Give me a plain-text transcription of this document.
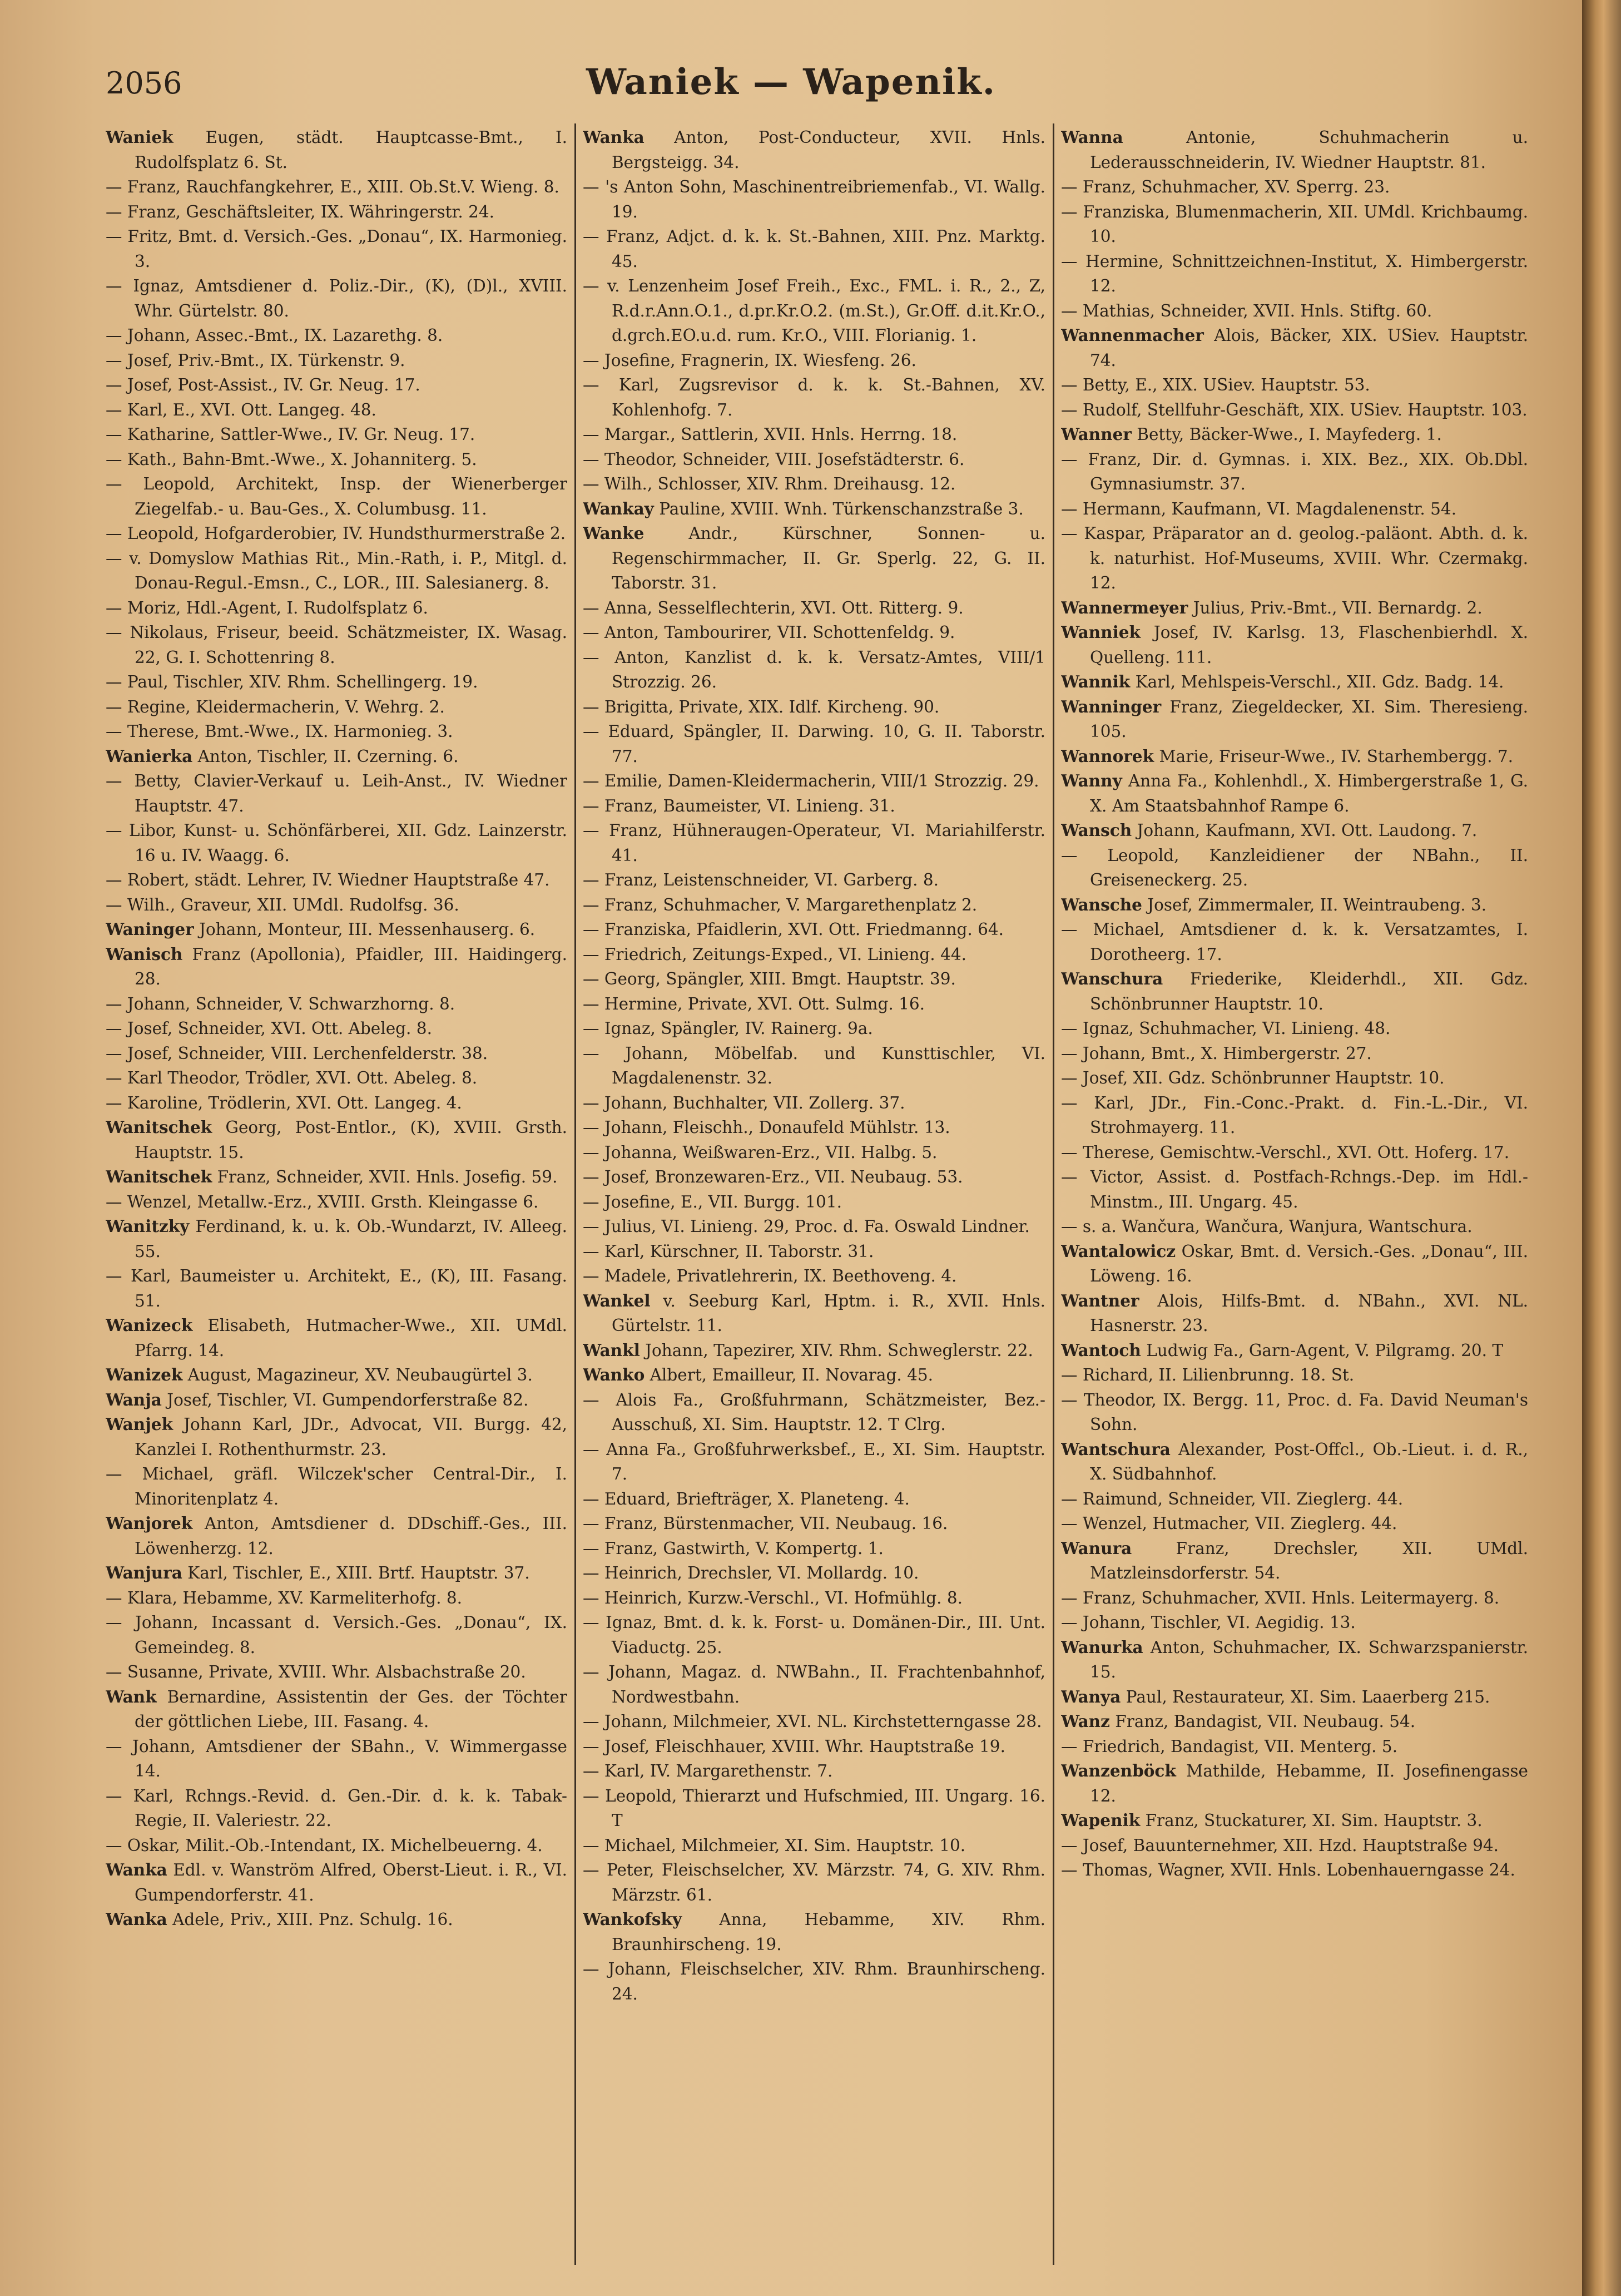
2056	Waniek — Wapenik.
Waniek Eugen, städt. Hauptcasse-Bmt., I. Rudolfsplatz 6. St.
— Franz, Rauchfangkehrer, E., XIII. Ob.St.V. Wieng. 8.
— Franz, Geschäftsleiter, IX. Währingerstr. 24.
— Fritz, Bmt. d. Versich.-Ges. „Donau“, IX. Harmonieg. 3.
— Ignaz, Amtsdiener d. Poliz.-Dir., (K), (D)l., XVIII. Whr. Gürtelstr. 80.
— Johann, Assec.-Bmt., IX. Lazarethg. 8.
— Josef, Priv.-Bmt., IX. Türkenstr. 9.
— Josef, Post-Assist., IV. Gr. Neug. 17.
— Karl, E., XVI. Ott. Langeg. 48.
— Katharine, Sattler-Wwe., IV. Gr. Neug. 17.
— Kath., Bahn-Bmt.-Wwe., X. Johanniterg. 5.
— Leopold, Architekt, Insp. der Wienerberger Ziegelfab.- u. Bau-Ges., X. Columbusg. 11.
— Leopold, Hofgarderobier, IV. Hundsthurmerstraße 2.
— v. Domyslow Mathias Rit., Min.-Rath, i. P., Mitgl. d. Donau-Regul.-Emsn., C., LOR., III. Salesianerg. 8.
— Moriz, Hdl.-Agent, I. Rudolfsplatz 6.
— Nikolaus, Friseur, beeid. Schätzmeister, IX. Wasag. 22, G. I. Schottenring 8.
— Paul, Tischler, XIV. Rhm. Schellingerg. 19.
— Regine, Kleidermacherin, V. Wehrg. 2.
— Therese, Bmt.-Wwe., IX. Harmonieg. 3.
Wanierka Anton, Tischler, II. Czerning. 6.
— Betty, Clavier-Verkauf u. Leih-Anst., IV. Wiedner Hauptstr. 47.
— Libor, Kunst- u. Schönfärberei, XII. Gdz. Lainzerstr. 16 u. IV. Waagg. 6.
— Robert, städt. Lehrer, IV. Wiedner Hauptstraße 47.
— Wilh., Graveur, XII. UMdl. Rudolfsg. 36.
Waninger Johann, Monteur, III. Messenhauserg. 6.
Wanisch Franz (Apollonia), Pfaidler, III. Haidingerg. 28.
— Johann, Schneider, V. Schwarzhorng. 8.
— Josef, Schneider, XVI. Ott. Abeleg. 8.
— Josef, Schneider, VIII. Lerchenfelderstr. 38.
— Karl Theodor, Trödler, XVI. Ott. Abeleg. 8.
— Karoline, Trödlerin, XVI. Ott. Langeg. 4.
Wanitschek Georg, Post-Entlor., (K), XVIII. Grsth. Hauptstr. 15.
Wanitschek Franz, Schneider, XVII. Hnls. Josefig. 59.
— Wenzel, Metallw.-Erz., XVIII. Grsth. Kleingasse 6.
Wanitzky Ferdinand, k. u. k. Ob.-Wundarzt, IV. Alleeg. 55.
— Karl, Baumeister u. Architekt, E., (K), III. Fasang. 51.
Wanizeck Elisabeth, Hutmacher-Wwe., XII. UMdl. Pfarrg. 14.
Wanizek August, Magazineur, XV. Neubaugürtel 3.
Wanja Josef, Tischler, VI. Gumpendorferstraße 82.
Wanjek Johann Karl, JDr., Advocat, VII. Burgg. 42, Kanzlei I. Rothenthurmstr. 23.
— Michael, gräfl. Wilczek'scher Central-Dir., I. Minoritenplatz 4.
Wanjorek Anton, Amtsdiener d. DDschiff.-Ges., III. Löwenherzg. 12.
Wanjura Karl, Tischler, E., XIII. Brtf. Hauptstr. 37.
— Klara, Hebamme, XV. Karmeliterhofg. 8.
— Johann, Incassant d. Versich.-Ges. „Donau“, IX. Gemeindeg. 8.
— Susanne, Private, XVIII. Whr. Alsbachstraße 20.
Wank Bernardine, Assistentin der Ges. der Töchter der göttlichen Liebe, III. Fasang. 4.
— Johann, Amtsdiener der SBahn., V. Wimmergasse 14.
— Karl, Rchngs.-Revid. d. Gen.-Dir. d. k. k. Tabak-Regie, II. Valeriestr. 22.
— Oskar, Milit.-Ob.-Intendant, IX. Michelbeuerng. 4.
Wanka Edl. v. Wanström Alfred, Oberst-Lieut. i. R., VI. Gumpendorferstr. 41.
Wanka Adele, Priv., XIII. Pnz. Schulg. 16.
Wanka Anton, Post-Conducteur, XVII. Hnls. Bergsteigg. 34.
— 's Anton Sohn, Maschinentreibriemenfab., VI. Wallg. 19.
— Franz, Adjct. d. k. k. St.-Bahnen, XIII. Pnz. Marktg. 45.
— v. Lenzenheim Josef Freih., Exc., FML. i. R., 2., Z, R.d.r.Ann.O.1., d.pr.Kr.O.2. (m.St.), Gr.Off. d.it.Kr.O., d.grch.EO.u.d. rum. Kr.O., VIII. Florianig. 1.
— Josefine, Fragnerin, IX. Wiesfeng. 26.
— Karl, Zugsrevisor d. k. k. St.-Bahnen, XV. Kohlenhofg. 7.
— Margar., Sattlerin, XVII. Hnls. Herrng. 18.
— Theodor, Schneider, VIII. Josefstädterstr. 6.
— Wilh., Schlosser, XIV. Rhm. Dreihausg. 12.
Wankay Pauline, XVIII. Wnh. Türkenschanzstraße 3.
Wanke Andr., Kürschner, Sonnen- u. Regenschirmmacher, II. Gr. Sperlg. 22, G. II. Taborstr. 31.
— Anna, Sesselflechterin, XVI. Ott. Ritterg. 9.
— Anton, Tambourirer, VII. Schottenfeldg. 9.
— Anton, Kanzlist d. k. k. Versatz-Amtes, VIII/1 Strozzig. 26.
— Brigitta, Private, XIX. Idlf. Kircheng. 90.
— Eduard, Spängler, II. Darwing. 10, G. II. Taborstr. 77.
— Emilie, Damen-Kleidermacherin, VIII/1 Strozzig. 29.
— Franz, Baumeister, VI. Linieng. 31.
— Franz, Hühneraugen-Operateur, VI. Mariahilferstr. 41.
— Franz, Leistenschneider, VI. Garberg. 8.
— Franz, Schuhmacher, V. Margarethenplatz 2.
— Franziska, Pfaidlerin, XVI. Ott. Friedmanng. 64.
— Friedrich, Zeitungs-Exped., VI. Linieng. 44.
— Georg, Spängler, XIII. Bmgt. Hauptstr. 39.
— Hermine, Private, XVI. Ott. Sulmg. 16.
— Ignaz, Spängler, IV. Rainerg. 9a.
— Johann, Möbelfab. und Kunsttischler, VI. Magdalenenstr. 32.
— Johann, Buchhalter, VII. Zollerg. 37.
— Johann, Fleischh., Donaufeld Mühlstr. 13.
— Johanna, Weißwaren-Erz., VII. Halbg. 5.
— Josef, Bronzewaren-Erz., VII. Neubaug. 53.
— Josefine, E., VII. Burgg. 101.
— Julius, VI. Linieng. 29, Proc. d. Fa. Oswald Lindner.
— Karl, Kürschner, II. Taborstr. 31.
— Madele, Privatlehrerin, IX. Beethoveng. 4.
Wankel v. Seeburg Karl, Hptm. i. R., XVII. Hnls. Gürtelstr. 11.
Wankl Johann, Tapezirer, XIV. Rhm. Schweglerstr. 22.
Wanko Albert, Emailleur, II. Novarag. 45.
— Alois Fa., Großfuhrmann, Schätzmeister, Bez.-Ausschuß, XI. Sim. Hauptstr. 12. T Clrg.
— Anna Fa., Großfuhrwerksbef., E., XI. Sim. Hauptstr. 7.
— Eduard, Briefträger, X. Planeteng. 4.
— Franz, Bürstenmacher, VII. Neubaug. 16.
— Franz, Gastwirth, V. Kompertg. 1.
— Heinrich, Drechsler, VI. Mollardg. 10.
— Heinrich, Kurzw.-Verschl., VI. Hofmühlg. 8.
— Ignaz, Bmt. d. k. k. Forst- u. Domänen-Dir., III. Unt. Viaductg. 25.
— Johann, Magaz. d. NWBahn., II. Frachtenbahnhof, Nordwestbahn.
— Johann, Milchmeier, XVI. NL. Kirchstetterngasse 28.
— Josef, Fleischhauer, XVIII. Whr. Hauptstraße 19.
— Karl, IV. Margarethenstr. 7.
— Leopold, Thierarzt und Hufschmied, III. Ungarg. 16. T
— Michael, Milchmeier, XI. Sim. Hauptstr. 10.
— Peter, Fleischselcher, XV. Märzstr. 74, G. XIV. Rhm. Märzstr. 61.
Wankofsky Anna, Hebamme, XIV. Rhm. Braunhirscheng. 19.
— Johann, Fleischselcher, XIV. Rhm. Braunhirscheng. 24.
Wanna Antonie, Schuhmacherin u. Lederausschneiderin, IV. Wiedner Hauptstr. 81.
— Franz, Schuhmacher, XV. Sperrg. 23.
— Franziska, Blumenmacherin, XII. UMdl. Krichbaumg. 10.
— Hermine, Schnittzeichnen-Institut, X. Himbergerstr. 12.
— Mathias, Schneider, XVII. Hnls. Stiftg. 60.
Wannenmacher Alois, Bäcker, XIX. USiev. Hauptstr. 74.
— Betty, E., XIX. USiev. Hauptstr. 53.
— Rudolf, Stellfuhr-Geschäft, XIX. USiev. Hauptstr. 103.
Wanner Betty, Bäcker-Wwe., I. Mayfederg. 1.
— Franz, Dir. d. Gymnas. i. XIX. Bez., XIX. Ob.Dbl. Gymnasiumstr. 37.
— Hermann, Kaufmann, VI. Magdalenenstr. 54.
— Kaspar, Präparator an d. geolog.-paläont. Abth. d. k. k. naturhist. Hof-Museums, XVIII. Whr. Czermakg. 12.
Wannermeyer Julius, Priv.-Bmt., VII. Bernardg. 2.
Wanniek Josef, IV. Karlsg. 13, Flaschenbierhdl. X. Quelleng. 111.
Wannik Karl, Mehlspeis-Verschl., XII. Gdz. Badg. 14.
Wanninger Franz, Ziegeldecker, XI. Sim. Theresieng. 105.
Wannorek Marie, Friseur-Wwe., IV. Starhembergg. 7.
Wanny Anna Fa., Kohlenhdl., X. Himbergerstraße 1, G. X. Am Staatsbahnhof Rampe 6.
Wansch Johann, Kaufmann, XVI. Ott. Laudong. 7.
— Leopold, Kanzleidiener der NBahn., II. Greiseneckerg. 25.
Wansche Josef, Zimmermaler, II. Weintraubeng. 3.
— Michael, Amtsdiener d. k. k. Versatzamtes, I. Dorotheerg. 17.
Wanschura Friederike, Kleiderhdl., XII. Gdz. Schönbrunner Hauptstr. 10.
— Ignaz, Schuhmacher, VI. Linieng. 48.
— Johann, Bmt., X. Himbergerstr. 27.
— Josef, XII. Gdz. Schönbrunner Hauptstr. 10.
— Karl, JDr., Fin.-Conc.-Prakt. d. Fin.-L.-Dir., VI. Strohmayerg. 11.
— Therese, Gemischtw.-Verschl., XVI. Ott. Hoferg. 17.
— Victor, Assist. d. Postfach-Rchngs.-Dep. im Hdl.-Minstm., III. Ungarg. 45.
— s. a. Wančura, Wančura, Wanjura, Wantschura.
Wantalowicz Oskar, Bmt. d. Versich.-Ges. „Donau“, III. Löweng. 16.
Wantner Alois, Hilfs-Bmt. d. NBahn., XVI. NL. Hasnerstr. 23.
Wantoch Ludwig Fa., Garn-Agent, V. Pilgramg. 20. T
— Richard, II. Lilienbrunng. 18. St.
— Theodor, IX. Bergg. 11, Proc. d. Fa. David Neuman's Sohn.
Wantschura Alexander, Post-Offcl., Ob.-Lieut. i. d. R., X. Südbahnhof.
— Raimund, Schneider, VII. Zieglerg. 44.
— Wenzel, Hutmacher, VII. Zieglerg. 44.
Wanura Franz, Drechsler, XII. UMdl. Matzleinsdorferstr. 54.
— Franz, Schuhmacher, XVII. Hnls. Leitermayerg. 8.
— Johann, Tischler, VI. Aegidig. 13.
Wanurka Anton, Schuhmacher, IX. Schwarzspanierstr. 15.
Wanya Paul, Restaurateur, XI. Sim. Laaerberg 215.
Wanz Franz, Bandagist, VII. Neubaug. 54.
— Friedrich, Bandagist, VII. Menterg. 5.
Wanzenböck Mathilde, Hebamme, II. Josefinengasse 12.
Wapenik Franz, Stuckaturer, XI. Sim. Hauptstr. 3.
— Josef, Bauunternehmer, XII. Hzd. Hauptstraße 94.
— Thomas, Wagner, XVII. Hnls. Lobenhauerngasse 24.
